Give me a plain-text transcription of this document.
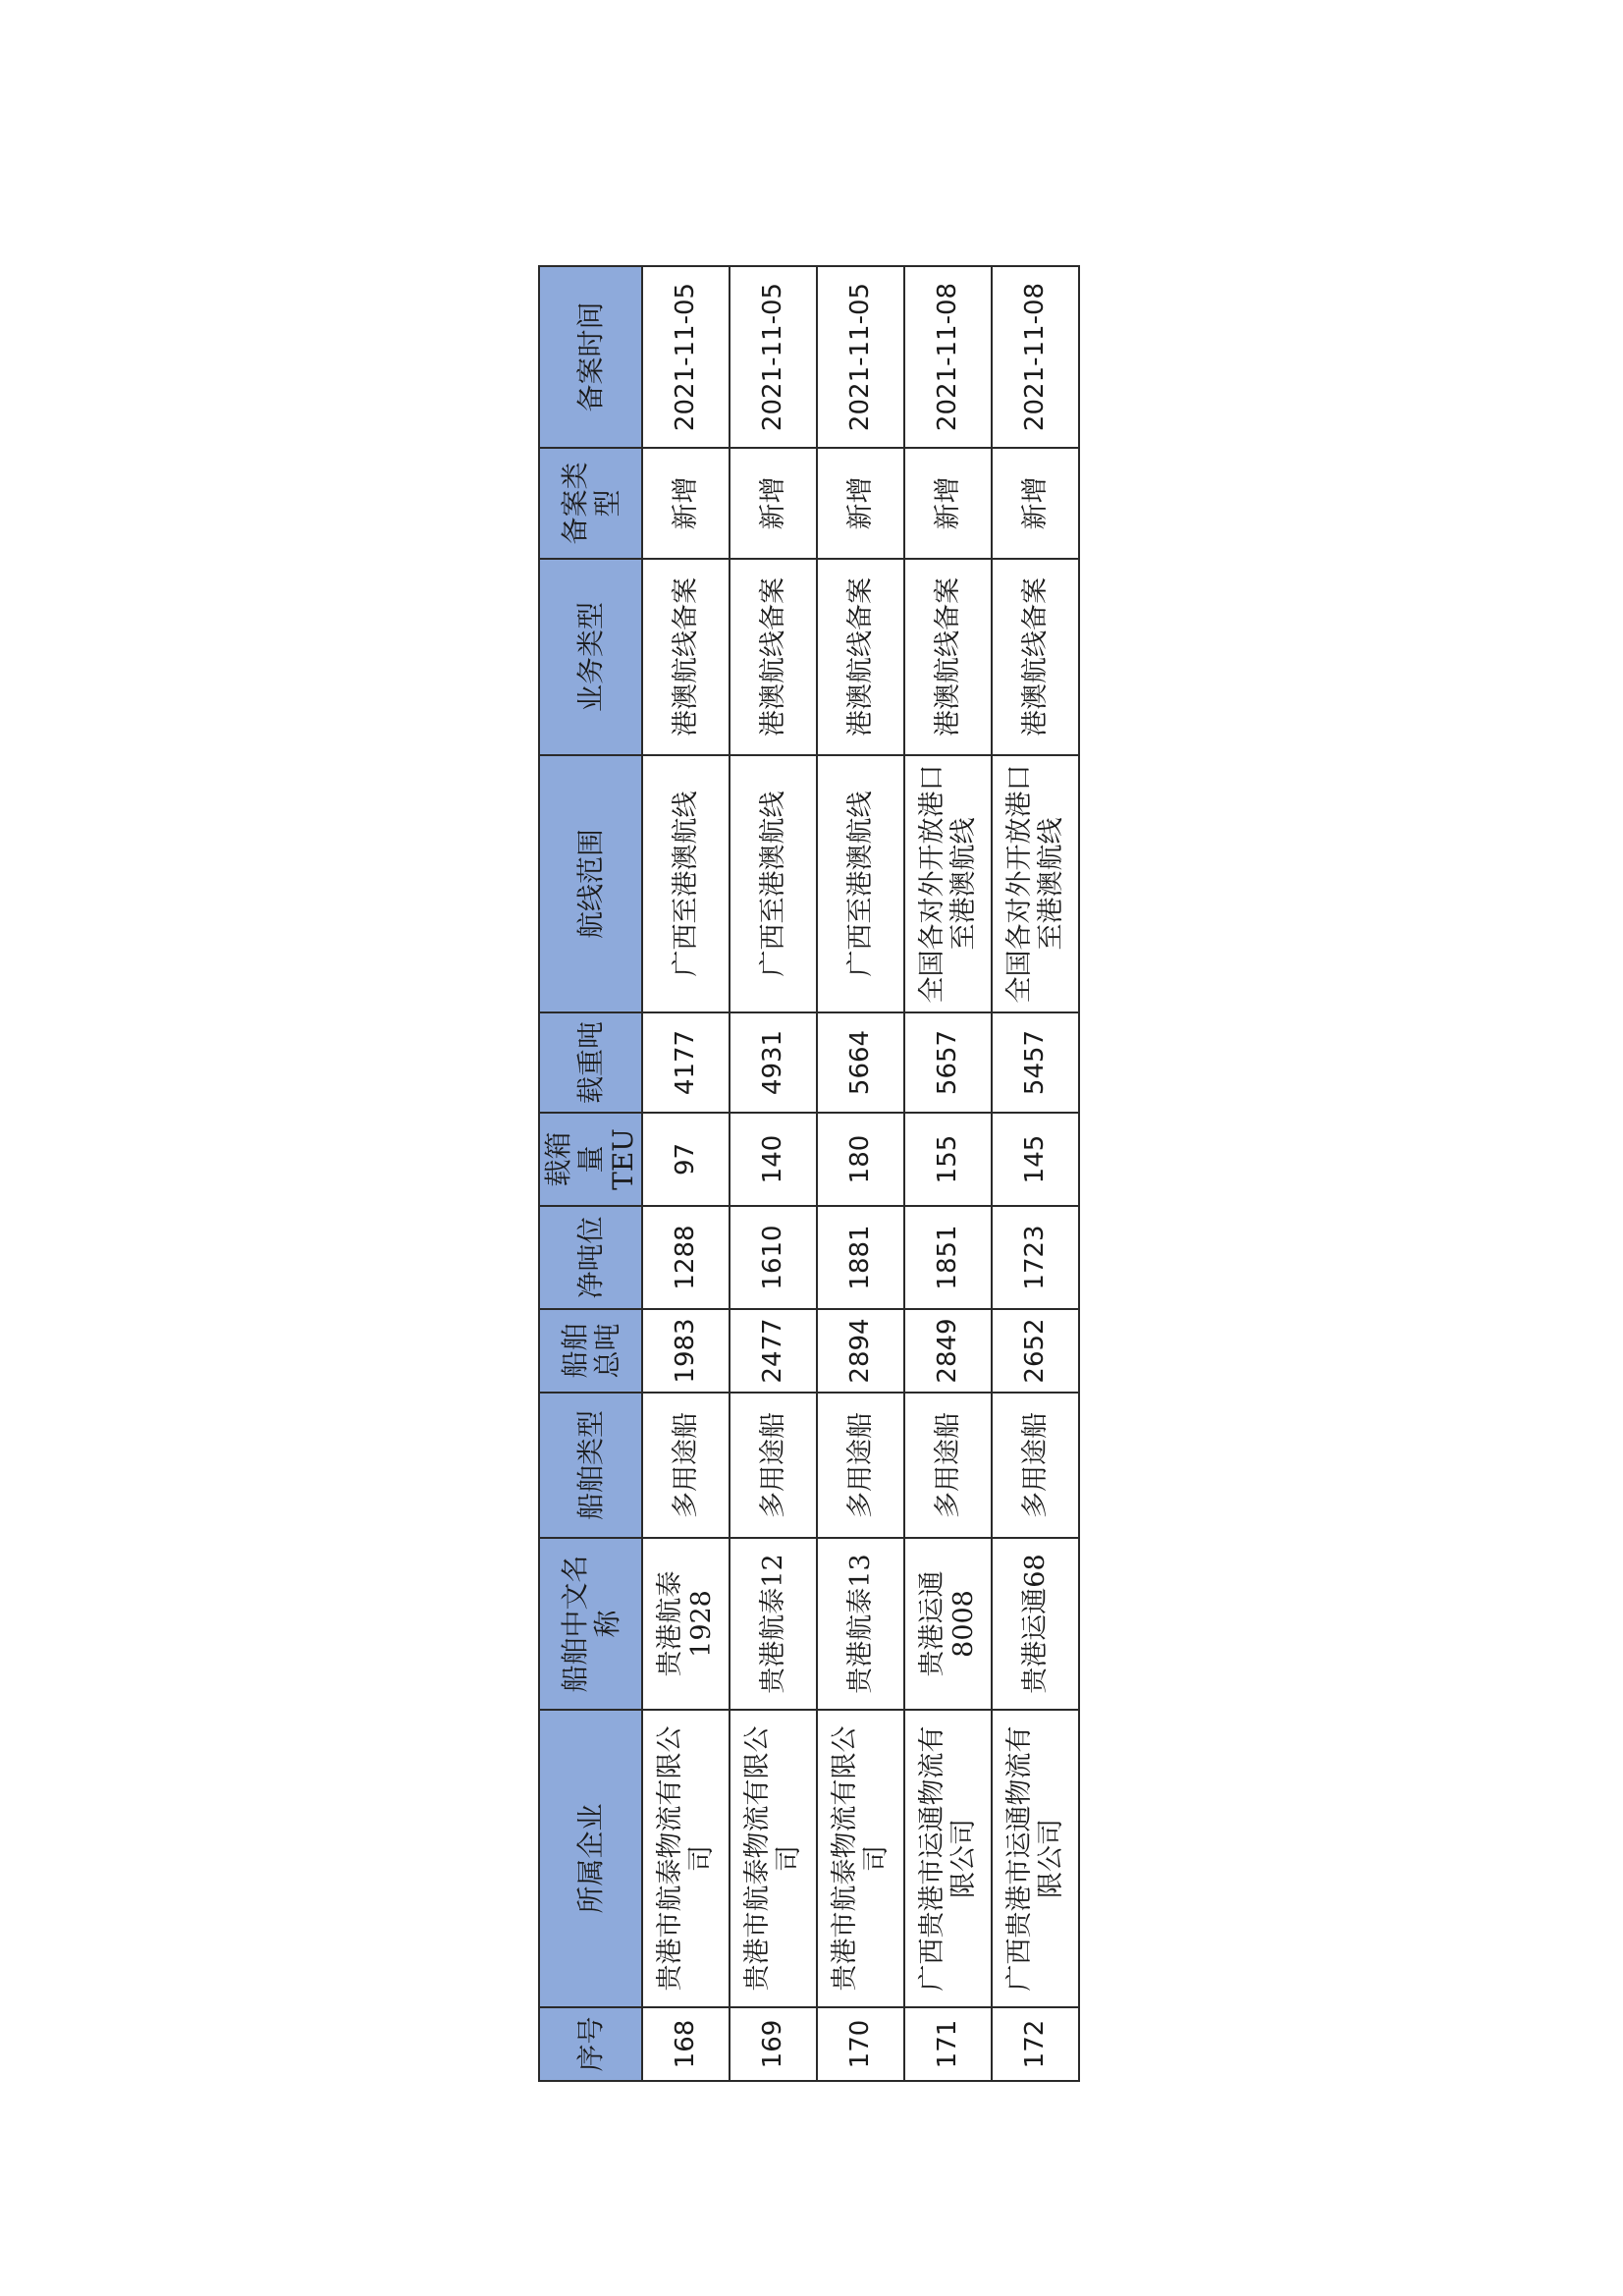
序号	所属企业	船舶中文名称	船舶类型	船舶总吨	净吨位	载箱量TEU	载重吨	航线范围	业务类型	备案类型	备案时间
168	贵港市航泰物流有限公司	贵港航泰1928	多用途船	1983	1288	97	4177	广西至港澳航线	港澳航线备案	新增	2021-11-05
169	贵港市航泰物流有限公司	贵港航泰12	多用途船	2477	1610	140	4931	广西至港澳航线	港澳航线备案	新增	2021-11-05
170	贵港市航泰物流有限公司	贵港航泰13	多用途船	2894	1881	180	5664	广西至港澳航线	港澳航线备案	新增	2021-11-05
171	广西贵港市运通物流有限公司	贵港运通8008	多用途船	2849	1851	155	5657	全国各对外开放港口至港澳航线	港澳航线备案	新增	2021-11-08
172	广西贵港市运通物流有限公司	贵港运通68	多用途船	2652	1723	145	5457	全国各对外开放港口至港澳航线	港澳航线备案	新增	2021-11-08
